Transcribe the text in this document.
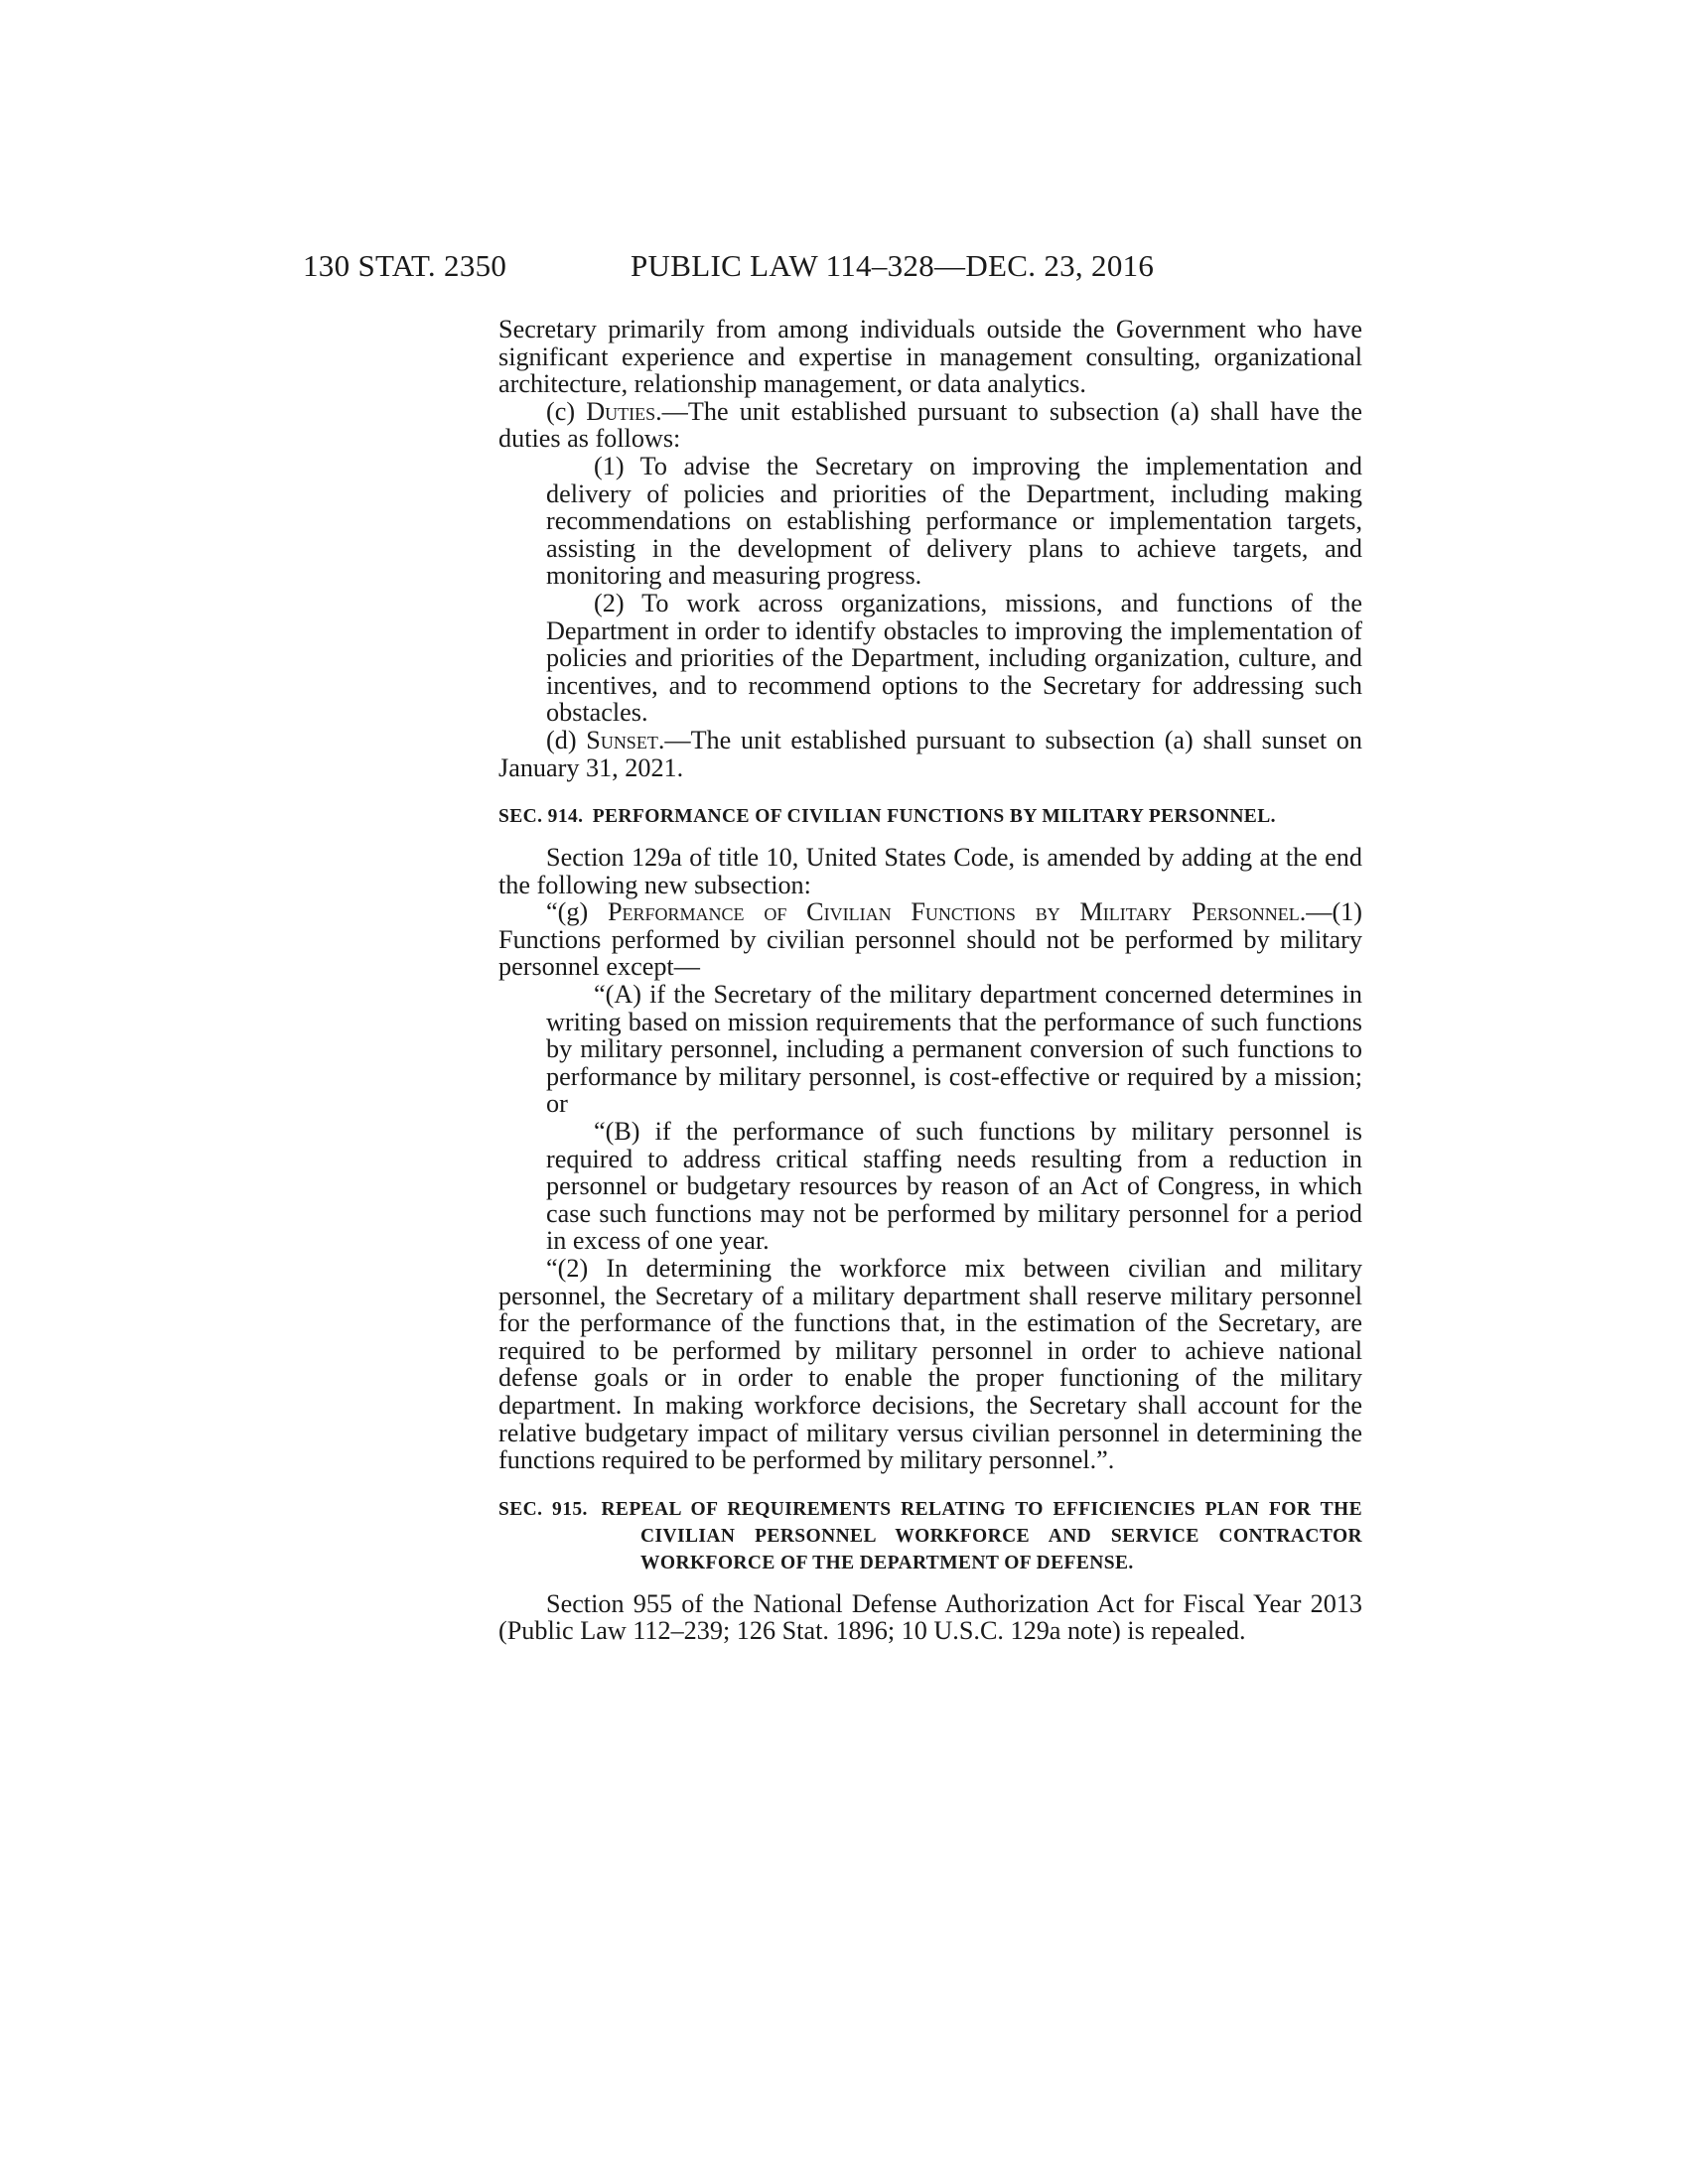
130 STAT. 2350	PUBLIC LAW 114–328—DEC. 23, 2016

Secretary primarily from among individuals outside the Government who have significant experience and expertise in management consulting, organizational architecture, relationship management, or data analytics.

(c) Duties.—The unit established pursuant to subsection (a) shall have the duties as follows:

(1) To advise the Secretary on improving the implementation and delivery of policies and priorities of the Department, including making recommendations on establishing performance or implementation targets, assisting in the development of delivery plans to achieve targets, and monitoring and measuring progress.

(2) To work across organizations, missions, and functions of the Department in order to identify obstacles to improving the implementation of policies and priorities of the Department, including organization, culture, and incentives, and to recommend options to the Secretary for addressing such obstacles.

(d) Sunset.—The unit established pursuant to subsection (a) shall sunset on January 31, 2021.

SEC. 914. PERFORMANCE OF CIVILIAN FUNCTIONS BY MILITARY PERSONNEL.

Section 129a of title 10, United States Code, is amended by adding at the end the following new subsection:

“(g) Performance of Civilian Functions by Military Personnel.—(1) Functions performed by civilian personnel should not be performed by military personnel except—

“(A) if the Secretary of the military department concerned determines in writing based on mission requirements that the performance of such functions by military personnel, including a permanent conversion of such functions to performance by military personnel, is cost-effective or required by a mission; or

“(B) if the performance of such functions by military personnel is required to address critical staffing needs resulting from a reduction in personnel or budgetary resources by reason of an Act of Congress, in which case such functions may not be performed by military personnel for a period in excess of one year.

“(2) In determining the workforce mix between civilian and military personnel, the Secretary of a military department shall reserve military personnel for the performance of the functions that, in the estimation of the Secretary, are required to be performed by military personnel in order to achieve national defense goals or in order to enable the proper functioning of the military department. In making workforce decisions, the Secretary shall account for the relative budgetary impact of military versus civilian personnel in determining the functions required to be performed by military personnel.”.

SEC. 915. REPEAL OF REQUIREMENTS RELATING TO EFFICIENCIES PLAN FOR THE CIVILIAN PERSONNEL WORKFORCE AND SERVICE CONTRACTOR WORKFORCE OF THE DEPARTMENT OF DEFENSE.

Section 955 of the National Defense Authorization Act for Fiscal Year 2013 (Public Law 112–239; 126 Stat. 1896; 10 U.S.C. 129a note) is repealed.
